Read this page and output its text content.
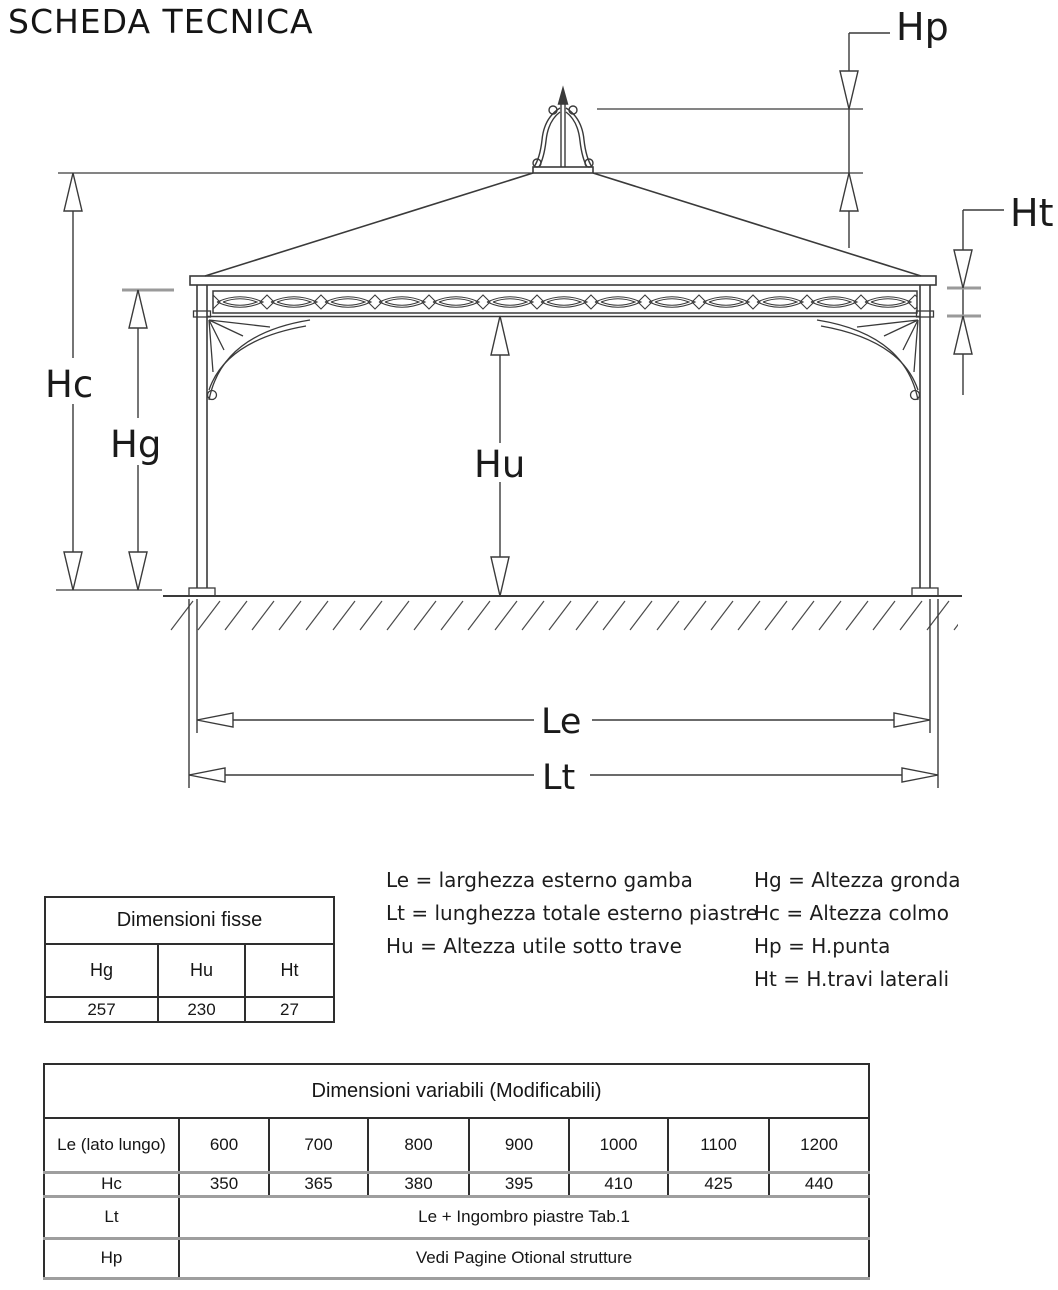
SCHEDA TECNICA	Hp
Ht
Hc
Hg	Hu
Le
Lt
Le = larghezza esterno gamba
Lt = lunghezza totale esterno piastre
Hu = Altezza utile sotto trave
Hg = Altezza gronda
Hc = Altezza colmo
Hp = H.punta
Ht = H.travi laterali
Dimensioni fisse		
Hg	Hu	Ht
257	230	27
Dimensioni variabili (Modificabili)							
Le (lato lungo)	600	700	800	900	1000	1100	1200
Hc	350	365	380	395	410	425	440
Lt	Le + Ingombro piastre Tab.1						
Hp	Vedi Pagine Otional strutture						
